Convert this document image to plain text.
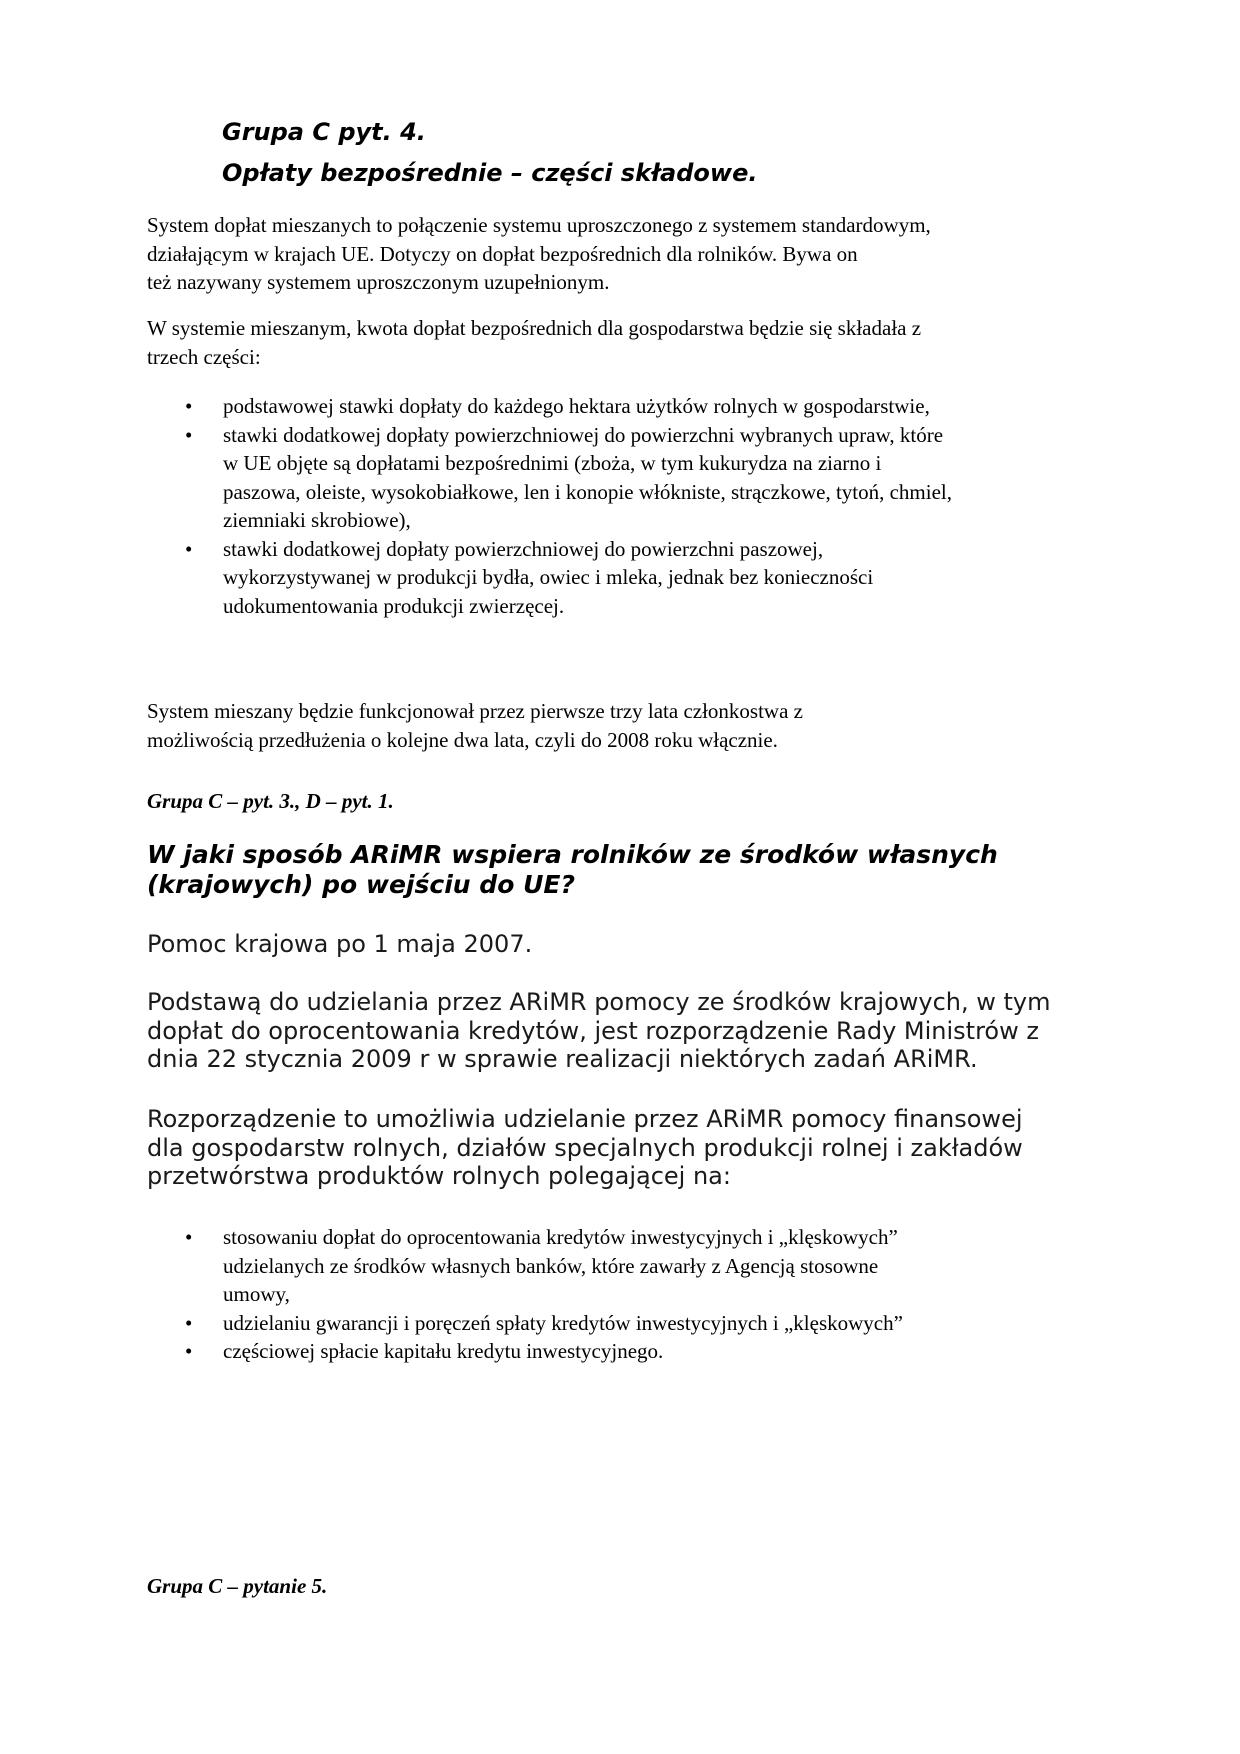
Grupa C pyt. 4.
Opłaty bezpośrednie – części składowe.

System dopłat mieszanych to połączenie systemu uproszczonego z systemem standardowym,
działającym w krajach UE. Dotyczy on dopłat bezpośrednich dla rolników. Bywa on
też nazywany systemem uproszczonym uzupełnionym.

W systemie mieszanym, kwota dopłat bezpośrednich dla gospodarstwa będzie się składała z
trzech części:

• podstawowej stawki dopłaty do każdego hektara użytków rolnych w gospodarstwie,
• stawki dodatkowej dopłaty powierzchniowej do powierzchni wybranych upraw, które
w UE objęte są dopłatami bezpośrednimi (zboża, w tym kukurydza na ziarno i
paszowa, oleiste, wysokobiałkowe, len i konopie włókniste, strączkowe, tytoń, chmiel,
ziemniaki skrobiowe),
• stawki dodatkowej dopłaty powierzchniowej do powierzchni paszowej,
wykorzystywanej w produkcji bydła, owiec i mleka, jednak bez konieczności
udokumentowania produkcji zwierzęcej.

System mieszany będzie funkcjonował przez pierwsze trzy lata członkostwa z
możliwością przedłużenia o kolejne dwa lata, czyli do 2008 roku włącznie.

Grupa C – pyt. 3., D – pyt. 1.

W jaki sposób ARiMR wspiera rolników ze środków własnych
(krajowych) po wejściu do UE?

Pomoc krajowa po 1 maja 2007.

Podstawą do udzielania przez ARiMR pomocy ze środków krajowych, w tym
dopłat do oprocentowania kredytów, jest rozporządzenie Rady Ministrów z
dnia 22 stycznia 2009 r w sprawie realizacji niektórych zadań ARiMR.

Rozporządzenie to umożliwia udzielanie przez ARiMR pomocy finansowej
dla gospodarstw rolnych, działów specjalnych produkcji rolnej i zakładów
przetwórstwa produktów rolnych polegającej na:

• stosowaniu dopłat do oprocentowania kredytów inwestycyjnych i „klęskowych”
udzielanych ze środków własnych banków, które zawarły z Agencją stosowne
umowy,
• udzielaniu gwarancji i poręczeń spłaty kredytów inwestycyjnych i „klęskowych”
• częściowej spłacie kapitału kredytu inwestycyjnego.

Grupa C – pytanie 5.
